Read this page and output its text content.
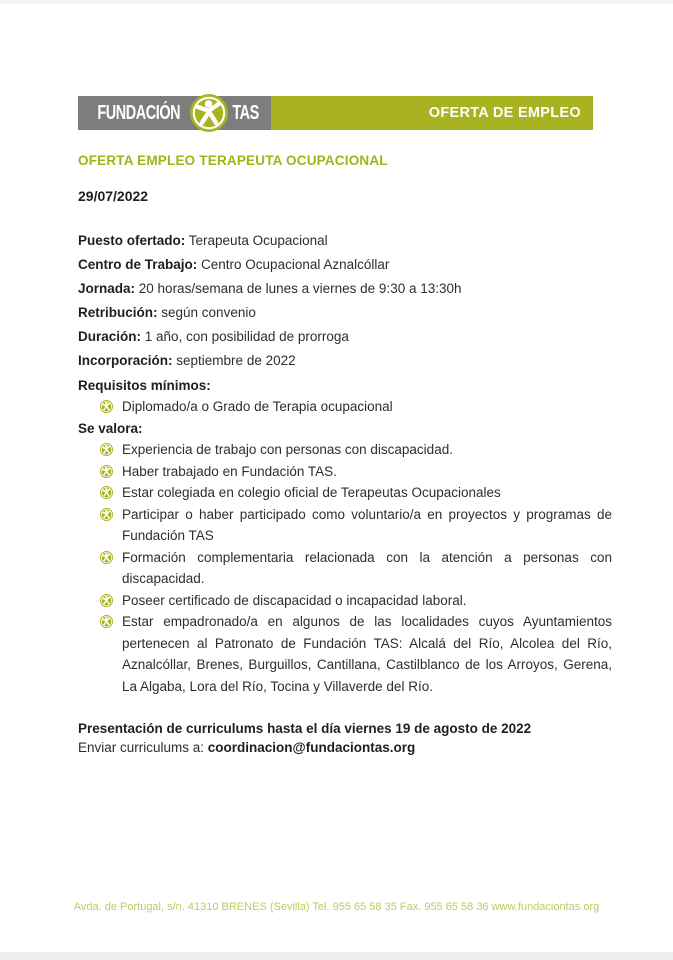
FUNDACIÓN	TAS	OFERTA DE EMPLEO
OFERTA EMPLEO TERAPEUTA OCUPACIONAL
29/07/2022
Puesto ofertado: Terapeuta Ocupacional
Centro de Trabajo: Centro Ocupacional Aznalcóllar
Jornada: 20 horas/semana de lunes a viernes de 9:30 a 13:30h
Retribución: según convenio
Duración: 1 año, con posibilidad de prorroga
Incorporación: septiembre de 2022
Requisitos mínimos:
Diplomado/a o Grado de Terapia ocupacional
Se valora:
Experiencia de trabajo con personas con discapacidad.
Haber trabajado en Fundación TAS.
Estar colegiada en colegio oficial de Terapeutas Ocupacionales
Participar o haber participado como voluntario/a en proyectos y programas de Fundación TAS
Formación complementaria relacionada con la atención a personas con discapacidad.
Poseer certificado de discapacidad o incapacidad laboral.
Estar empadronado/a en algunos de las localidades cuyos Ayuntamientos pertenecen al Patronato de Fundación TAS: Alcalá del Río, Alcolea del Río, Aznalcóllar, Brenes, Burguillos, Cantillana, Castilblanco de los Arroyos, Gerena, La Algaba, Lora del Río, Tocina y Villaverde del Río.
Presentación de curriculums hasta el día viernes 19 de agosto de 2022
Enviar curriculums a: coordinacion@fundaciontas.org
Avda. de Portugal, s/n. 41310 BRENES (Sevilla) Tel. 955 65 58 35 Fax. 955 65 58 36 www.fundaciontas.org
